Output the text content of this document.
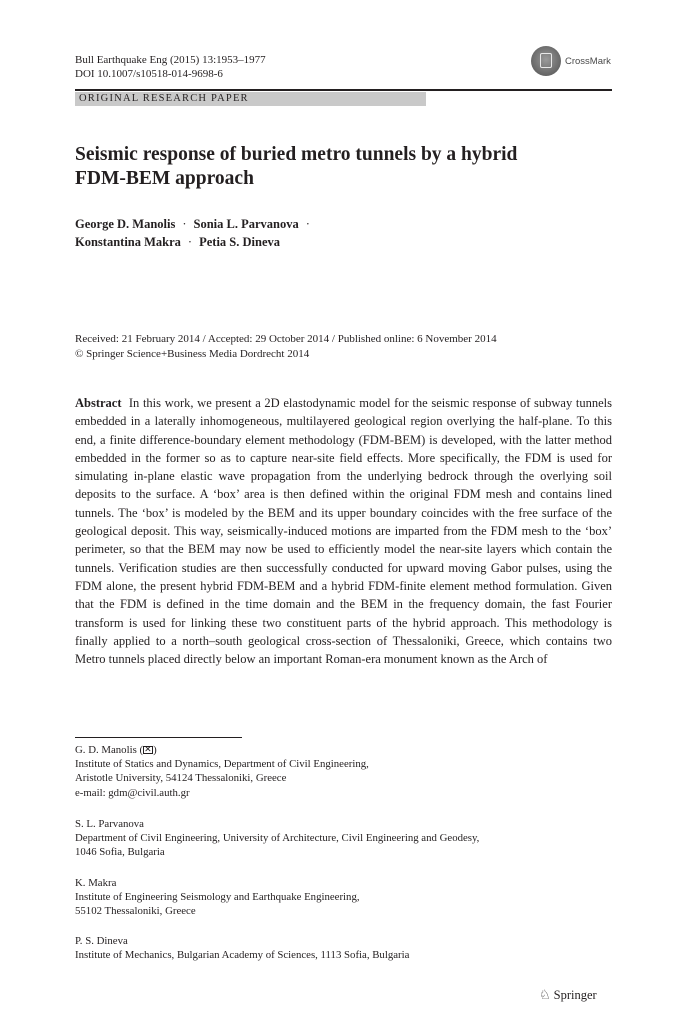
Bull Earthquake Eng (2015) 13:1953–1977
DOI 10.1007/s10518-014-9698-6
CrossMark
ORIGINAL RESEARCH PAPER
Seismic response of buried metro tunnels by a hybrid
FDM-BEM approach
George D. Manolis · Sonia L. Parvanova ·
Konstantina Makra · Petia S. Dineva
Received: 21 February 2014 / Accepted: 29 October 2014 / Published online: 6 November 2014
© Springer Science+Business Media Dordrecht 2014
Abstract In this work, we present a 2D elastodynamic model for the seismic response of subway tunnels embedded in a laterally inhomogeneous, multilayered geological region overlying the half-plane. To this end, a finite difference-boundary element methodology (FDM-BEM) is developed, with the latter method embedded in the former so as to capture near-site field effects. More specifically, the FDM is used for simulating in-plane elastic wave propagation from the underlying bedrock through the overlying soil deposits to the surface. A ‘box’ area is then defined within the original FDM mesh and contains lined tunnels. The ‘box’ is modeled by the BEM and its upper boundary coincides with the free surface of the geological deposit. This way, seismically-induced motions are imparted from the FDM mesh to the ‘box’ perimeter, so that the BEM may now be used to efficiently model the near-site layers which contain the tunnels. Verification studies are then successfully conducted for upward moving Gabor pulses, using the FDM alone, the present hybrid FDM-BEM and a hybrid FDM-finite element method formulation. Given that the FDM is defined in the time domain and the BEM in the frequency domain, the fast Fourier transform is used for linking these two constituent parts of the hybrid approach. This methodology is finally applied to a north–south geological cross-section of Thessaloniki, Greece, which contains two Metro tunnels placed directly below an important Roman-era monument known as the Arch of
G. D. Manolis (✕ )
Institute of Statics and Dynamics, Department of Civil Engineering,
Aristotle University, 54124 Thessaloniki, Greece
e-mail: gdm@civil.auth.gr
S. L. Parvanova
Department of Civil Engineering, University of Architecture, Civil Engineering and Geodesy,
1046 Sofia, Bulgaria
K. Makra
Institute of Engineering Seismology and Earthquake Engineering,
55102 Thessaloniki, Greece
P. S. Dineva
Institute of Mechanics, Bulgarian Academy of Sciences, 1113 Sofia, Bulgaria
♘ Springer
